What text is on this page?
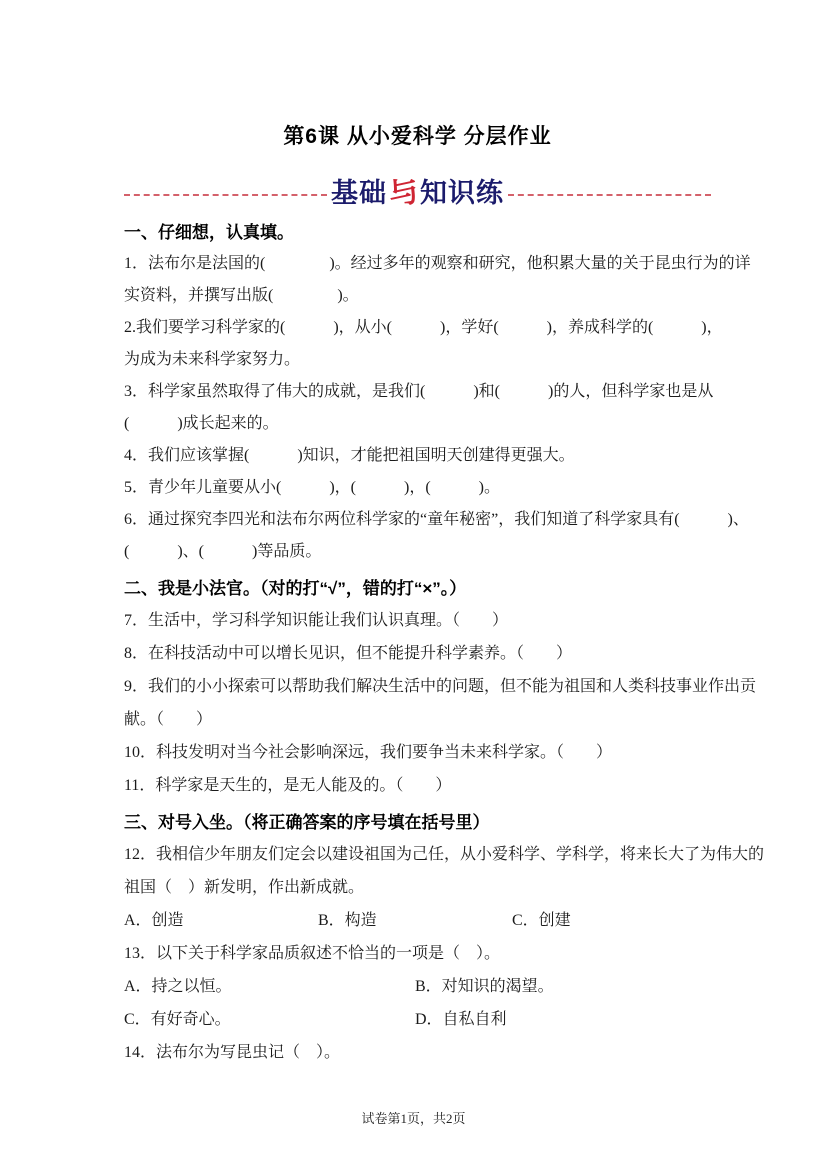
第6课 从小爱科学 分层作业
基础与知识练
一、仔细想，认真填。
1．法布尔是法国的(　　　　)。经过多年的观察和研究，他积累大量的关于昆虫行为的详
实资料，并撰写出版(　　　　)。
2.我们要学习科学家的(　　　)，从小(　　　)，学好(　　　)，养成科学的(　　　)，
为成为未来科学家努力。
3．科学家虽然取得了伟大的成就，是我们(　　　)和(　　　)的人，但科学家也是从
(　　　)成长起来的。
4．我们应该掌握(　　　)知识，才能把祖国明天创建得更强大。
5．青少年儿童要从小(　　　)，(　　　)，(　　　)。
6．通过探究李四光和法布尔两位科学家的“童年秘密”，我们知道了科学家具有(　　　)、
(　　　)、(　　　)等品质。
二、我是小法官。（对的打“√”，错的打“×”。）
7．生活中，学习科学知识能让我们认识真理。（　　）
8．在科技活动中可以增长见识，但不能提升科学素养。（　　）
9．我们的小小探索可以帮助我们解决生活中的问题，但不能为祖国和人类科技事业作出贡
献。（　　）
10．科技发明对当今社会影响深远，我们要争当未来科学家。（　　）
11．科学家是天生的，是无人能及的。（　　）
三、对号入坐。（将正确答案的序号填在括号里）
12．我相信少年朋友们定会以建设祖国为己任，从小爱科学、学科学，将来长大了为伟大的
祖国（　）新发明，作出新成就。
A．创造	B．构造	C．创建
13．以下关于科学家品质叙述不恰当的一项是（　）。
A．持之以恒。	B．对知识的渴望。
C．有好奇心。	D．自私自利
14．法布尔为写昆虫记（　）。
试卷第1页，共2页
